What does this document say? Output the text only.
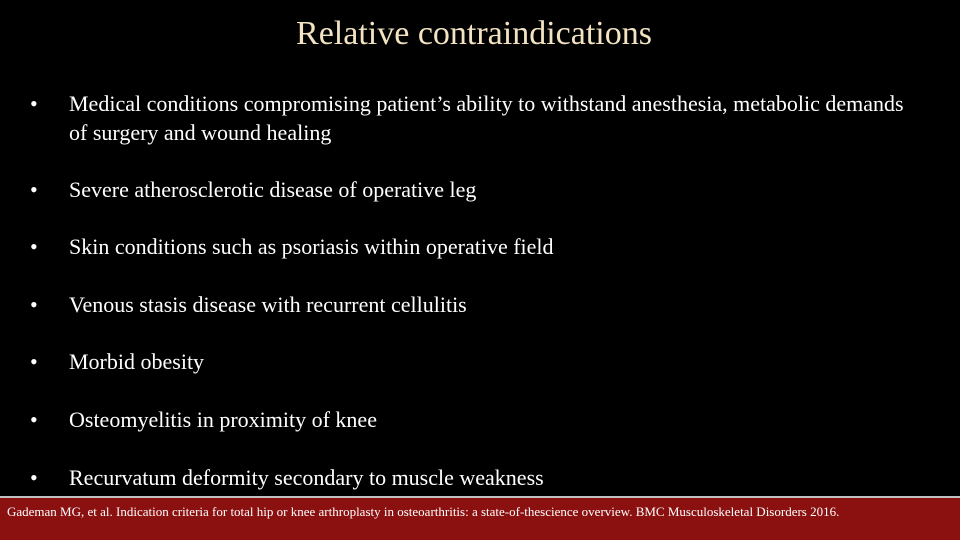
Relative contraindications
• Medical conditions compromising patient’s ability to withstand anesthesia, metabolic demands of surgery and wound healing
• Severe atherosclerotic disease of operative leg
• Skin conditions such as psoriasis within operative field
• Venous stasis disease with recurrent cellulitis
• Morbid obesity
• Osteomyelitis in proximity of knee
• Recurvatum deformity secondary to muscle weakness
Gademan MG, et al. Indication criteria for total hip or knee arthroplasty in osteoarthritis: a state-of-thescience overview. BMC Musculoskeletal Disorders 2016.
